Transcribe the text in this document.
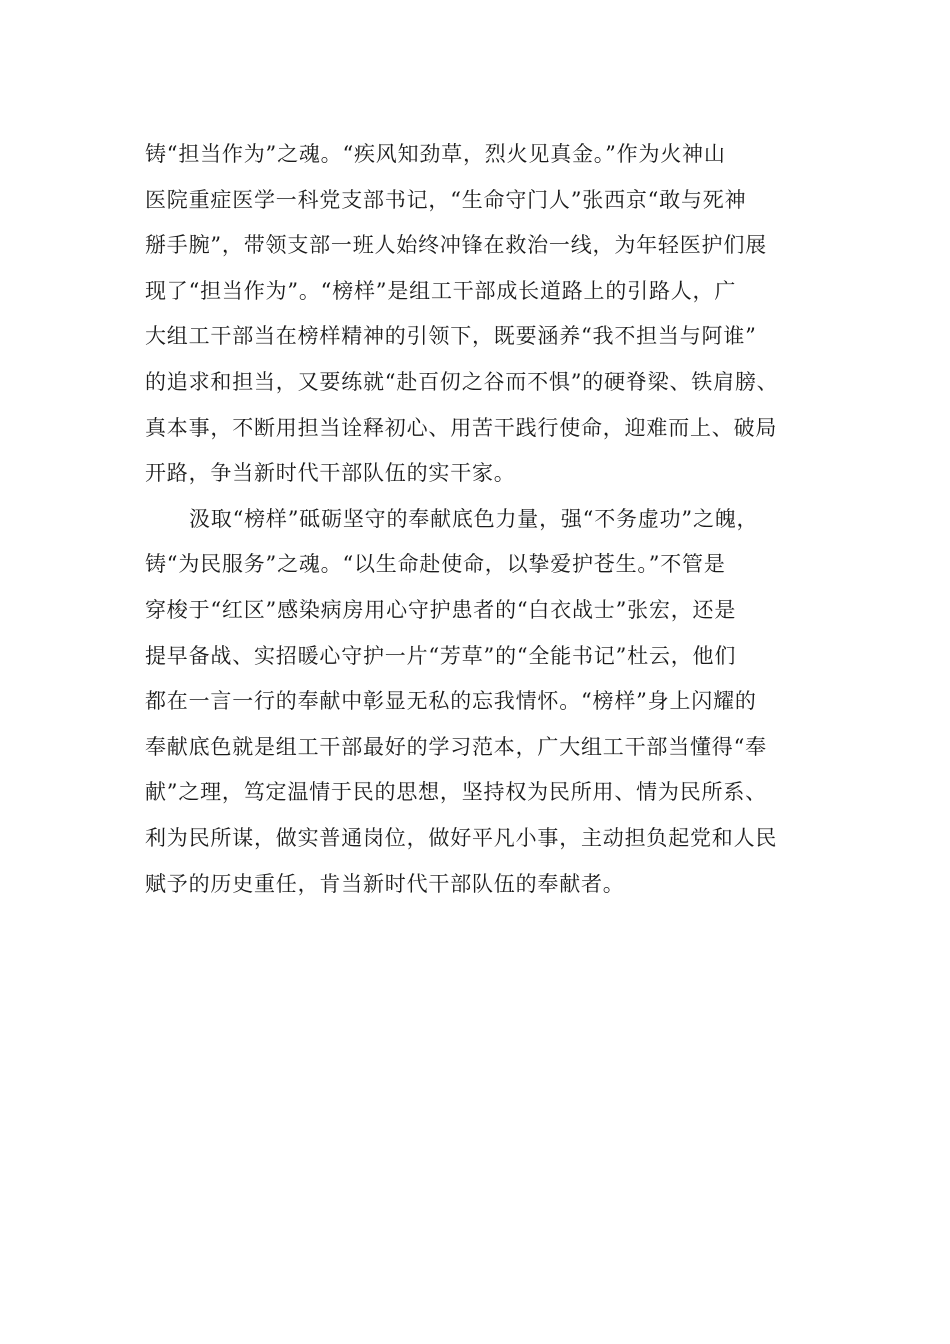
铸“担当作为”之魂。“疾风知劲草，烈火见真金。”作为火神山
医院重症医学一科党支部书记，“生命守门人”张西京“敢与死神
掰手腕”，带领支部一班人始终冲锋在救治一线，为年轻医护们展
现了“担当作为”。“榜样”是组工干部成长道路上的引路人，广
大组工干部当在榜样精神的引领下，既要涵养“我不担当与阿谁”
的追求和担当，又要练就“赴百仞之谷而不惧”的硬脊梁、铁肩膀、
真本事，不断用担当诠释初心、用苦干践行使命，迎难而上、破局
开路，争当新时代干部队伍的实干家。
汲取“榜样”砥砺坚守的奉献底色力量，强“不务虚功”之魄，
铸“为民服务”之魂。“以生命赴使命，以挚爱护苍生。”不管是
穿梭于“红区”感染病房用心守护患者的“白衣战士”张宏，还是
提早备战、实招暖心守护一片“芳草”的“全能书记”杜云，他们
都在一言一行的奉献中彰显无私的忘我情怀。“榜样”身上闪耀的
奉献底色就是组工干部最好的学习范本，广大组工干部当懂得“奉
献”之理，笃定温情于民的思想，坚持权为民所用、情为民所系、
利为民所谋，做实普通岗位，做好平凡小事，主动担负起党和人民
赋予的历史重任，肯当新时代干部队伍的奉献者。
